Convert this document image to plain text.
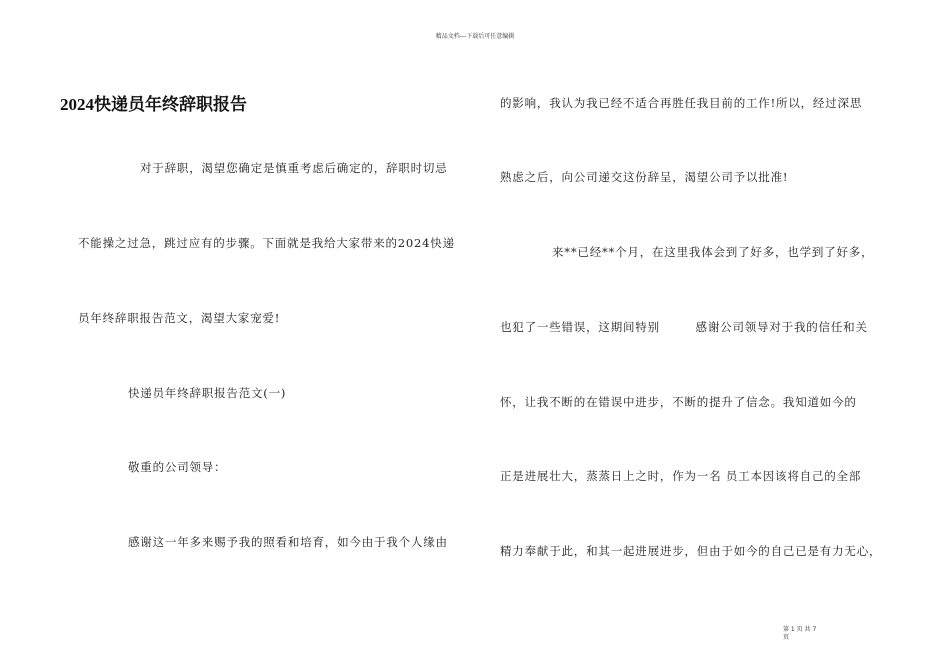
精品文档---下载后可任意编辑
2024快递员年终辞职报告
对于辞职，渴望您确定是慎重考虑后确定的，辞职时切忌
不能操之过急，跳过应有的步骤。下面就是我给大家带来的2024快递
员年终辞职报告范文，渴望大家宠爱!
快递员年终辞职报告范文(一)
敬重的公司领导：
感谢这一年多来赐予我的照看和培育，如今由于我个人缘由
的影响，我认为我已经不适合再胜任我目前的工作!所以，经过深思
熟虑之后，向公司递交这份辞呈，渴望公司予以批准!
来**已经**个月，在这里我体会到了好多，也学到了好多，
也犯了一些错误，这期间特别        感谢公司领导对于我的信任和关
怀，让我不断的在错误中进步，不断的提升了信念。我知道如今的
正是进展壮大，蒸蒸日上之时，作为一名 员工本因该将自己的全部
精力奉献于此，和其一起进展进步，但由于如今的自己已是有力无心，
第 1 页 共 7
页
